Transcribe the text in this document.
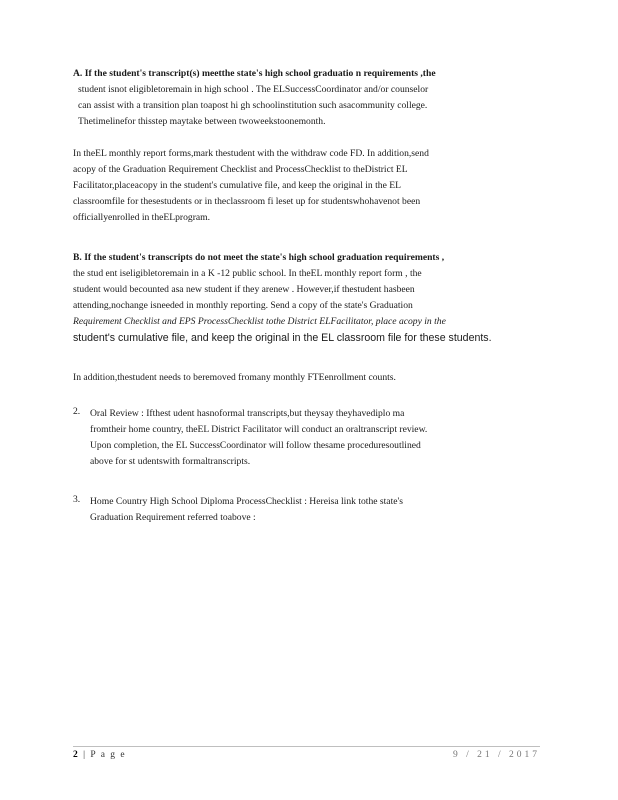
A. If the student's transcript(s) meetthe state's high school graduatio n requirements ,the
student isnot eligibletoremain in high school . The ELSuccessCoordinator and/or counselor
can assist with a transition plan toapost hi gh schoolinstitution such asacommunity college.
Thetimelinefor thisstep maytake between twoweekstoonemonth.
In theEL monthly report forms,mark thestudent with the withdraw code FD. In addition,send
acopy of the Graduation Requirement Checklist and ProcessChecklist to theDistrict EL
Facilitator,placeacopy in the student's cumulative file, and keep the original in the EL
classroomfile for thesestudents or in theclassroom fi leset up for studentswhohavenot been
officiallyenrolled in theELprogram.
B. If the student's transcripts do not meet the state's high school graduation requirements ,
the stud ent iseligibletoremain in a K -12 public school. In theEL monthly report form , the
student would becounted asa new student if they arenew . However,if thestudent hasbeen
attending,nochange isneeded in monthly reporting. Send a copy of the state's Graduation
Requirement Checklist and EPS ProcessChecklist tothe District ELFacilitator, place acopy in the
student's cumulative file, and keep the original in the EL classroom file for these students.
In addition,thestudent needs to beremoved fromany monthly FTEenrollment counts.
2. Oral Review : Ifthest udent hasnoformal transcripts,but theysay theyhavediplo ma
fromtheir home country, theEL District Facilitator will conduct an oraltranscript review.
Upon completion, the EL SuccessCoordinator will follow thesame proceduresoutlined
above for st udentswith formaltranscripts.
3. Home Country High School Diploma ProcessChecklist : Hereisa link tothe state's
Graduation Requirement referred toabove :
2 | P a g e	9 / 21 / 2017
